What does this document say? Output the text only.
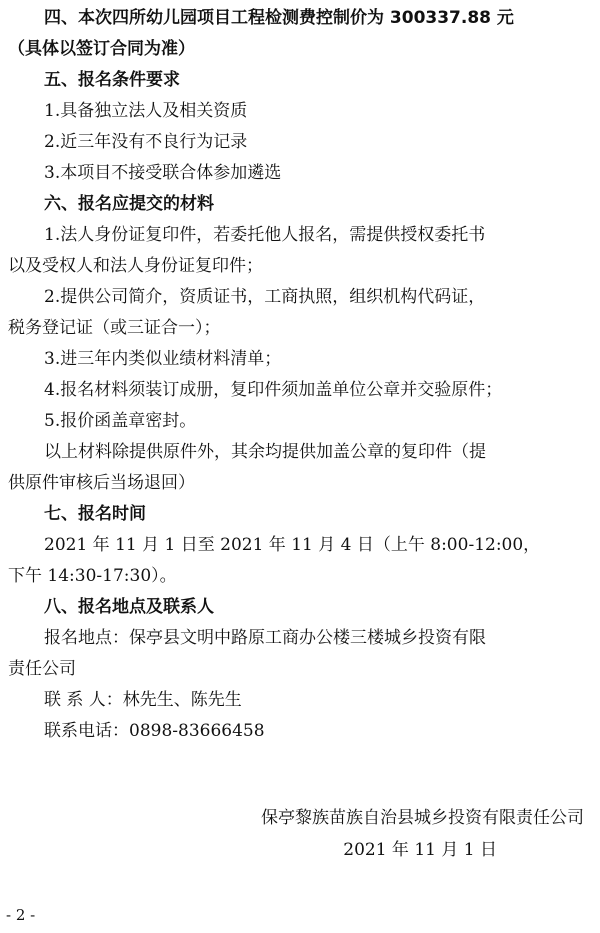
四、本次四所幼儿园项目工程检测费控制价为 300337.88 元
（具体以签订合同为准）
五、报名条件要求
1.具备独立法人及相关资质
2.近三年没有不良行为记录
3.本项目不接受联合体参加遴选
六、报名应提交的材料
1.法人身份证复印件，若委托他人报名，需提供授权委托书
以及受权人和法人身份证复印件；
2.提供公司简介，资质证书，工商执照，组织机构代码证，
税务登记证（或三证合一）；
3.进三年内类似业绩材料清单；
4.报名材料须装订成册，复印件须加盖单位公章并交验原件；
5.报价函盖章密封。
以上材料除提供原件外，其余均提供加盖公章的复印件（提
供原件审核后当场退回）
七、报名时间
2021 年 11 月 1 日至 2021 年 11 月 4 日（上午 8:00-12:00，
下午 14:30-17:30）。
八、报名地点及联系人
报名地点：保亭县文明中路原工商办公楼三楼城乡投资有限
责任公司
联 系 人：林先生、陈先生
联系电话：0898-83666458
保亭黎族苗族自治县城乡投资有限责任公司
2021 年 11 月 1 日
- 2 -
